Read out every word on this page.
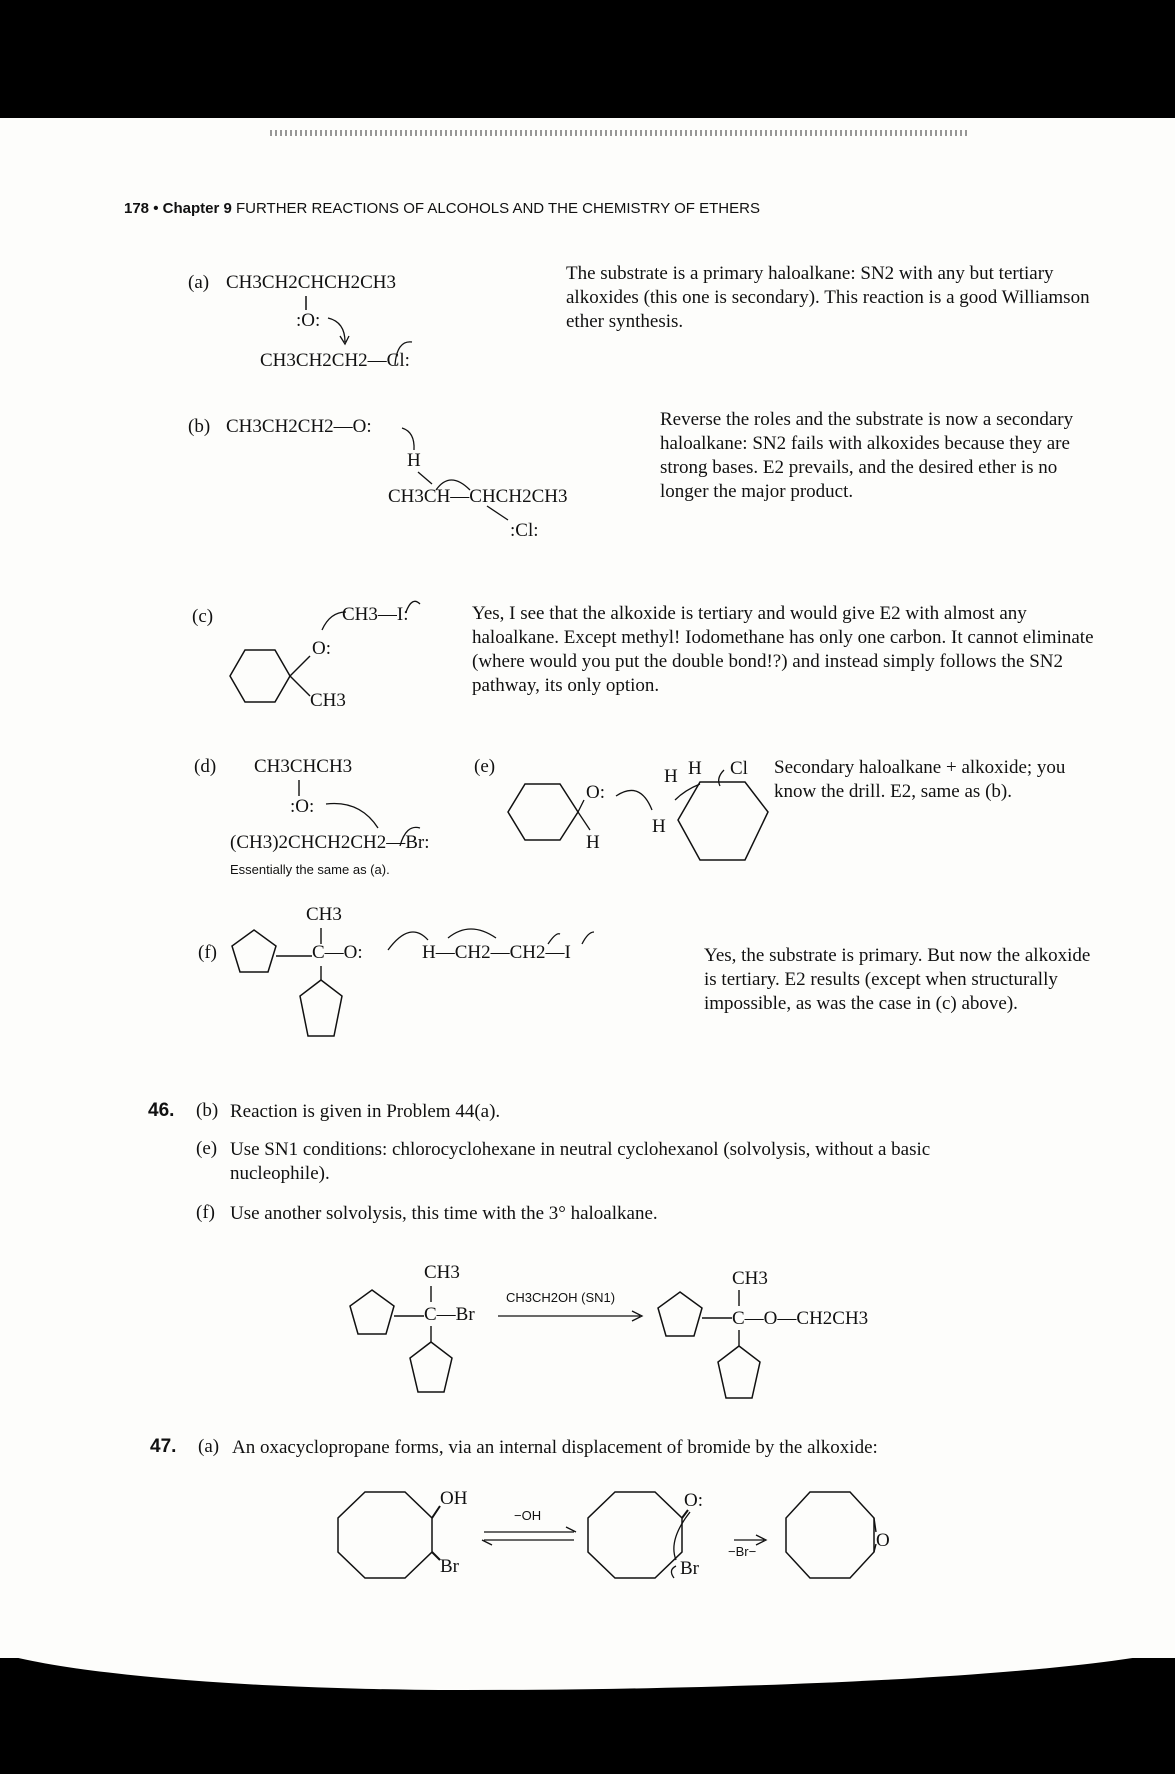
178 • Chapter 9 FURTHER REACTIONS OF ALCOHOLS AND THE CHEMISTRY OF ETHERS
(a) CH3CH2CHCH2CH3
:O:
CH3CH2CH2—Cl:
The substrate is a primary haloalkane: SN2 with any but tertiary alkoxides (this one is secondary). This reaction is a good Williamson ether synthesis.
(b) CH3CH2CH2—O:
H
CH3CH—CHCH2CH3
:Cl:
Reverse the roles and the substrate is now a secondary haloalkane: SN2 fails with alkoxides because they are strong bases. E2 prevails, and the desired ether is no longer the major product.
(c)	CH3—I:
O:
CH3
Yes, I see that the alkoxide is tertiary and would give E2 with almost any haloalkane. Except methyl! Iodomethane has only one carbon. It cannot eliminate (where would you put the double bond!?) and instead simply follows the SN2 pathway, its only option.
(d) CH3CHCH3
:O:
(CH3)2CHCH2CH2—Br:
Essentially the same as (a).
(e)
O:
H
H H Cl
H
Secondary haloalkane + alkoxide; you know the drill. E2, same as (b).
(f)
CH3
C—O:	H—CH2—CH2—I	Yes, the substrate is primary. But now the alkoxide is tertiary. E2 results (except when structurally impossible, as was the case in (c) above).
46. (b) Reaction is given in Problem 44(a).
(e) Use SN1 conditions: chlorocyclohexane in neutral cyclohexanol (solvolysis, without a basic nucleophile).
(f) Use another solvolysis, this time with the 3° haloalkane.
CH3
C—Br
CH3CH2OH (SN1)
CH3
C—O—CH2CH3
47. (a) An oxacyclopropane forms, via an internal displacement of bromide by the alkoxide:
OH
Br
−OH
O:
Br
−Br−
O
